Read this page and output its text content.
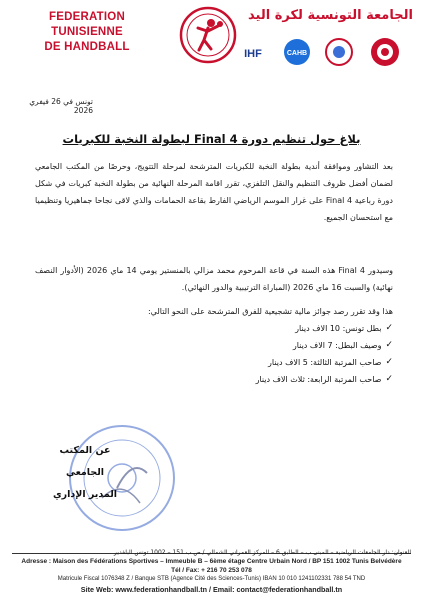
FEDERATION TUNISIENNE
DE HANDBALL
الجامعة التونسية لكرة اليد
IHF	CAHB
تونس في 26 فيفري 2026
بلاغ حول تنظيم دورة Final 4 لبطولة النخبة للكبريات
بعد التشاور وموافقة أندية بطولة النخبة للكبريات المترشحة لمرحلة التتويج، وحرصًا من المكتب الجامعي لضمان أفضل ظروف التنظيم والنقل التلفزي، تقرر اقامة المرحلة النهائية من بطولة النخبة كبريات في شكل دورة رباعية Final 4 على غرار الموسم الرياضي الفارط بقاعة الحمامات والذي لاقى نجاحا جماهيريا وتنظيميا مع استحسان الجميع.
وسيدور Final 4 هذه السنة في قاعة المرحوم محمد مزالي بالمنستير يومي 14 ماي 2026 (الأدوار النصف نهائية) والسبت 16 ماي 2026 (المباراة الترتيبية والدور النهائي).
هذا وقد تقرر رصد جوائز مالية تشجيعية للفرق المترشحة على النحو التالي:
✓
بطل تونس: 10 الاف دينار
✓
وصيف البطل: 7 الاف دينار
✓
صاحب المرتبة الثالثة: 5 الاف دينار
✓
صاحب المرتبة الرابعة: ثلاث الاف دينار
عن المكتب الجامعي
المدير الإداري
العنوان: دار الجامعات الرياضية – المبنى ب – الطابق 6 – المركز العمراني الشمالي / ص ب 151 – 1002 تونس البلفدير
Adresse : Maison des Fédérations Sportives – Immeuble B – 6ème étage Centre Urbain Nord / BP 151 1002 Tunis Belvédère
Tél / Fax: + 216 70 253 078
Matricule Fiscal 1076348 Z / Banque STB (Agence Cité des Sciences-Tunis) IBAN 10 010 1241102331 788 54 TND
Site Web: www.federationhandball.tn / Email: contact@federationhandball.tn
